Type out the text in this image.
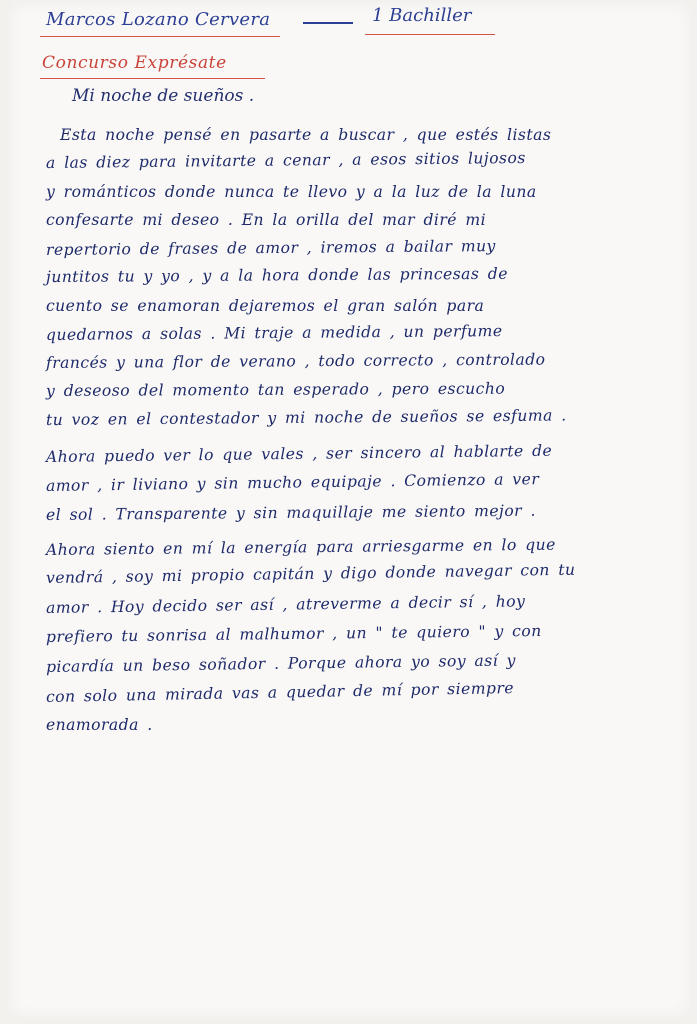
Marcos Lozano Cervera	1 Bachiller
Concurso Exprésate
Mi noche de sueños .
Esta noche pensé en pasarte a buscar , que estés listas
a las diez para invitarte a cenar , a esos sitios lujosos
y románticos donde nunca te llevo y a la luz de la luna
confesarte mi deseo . En la orilla del mar diré mi
repertorio de frases de amor , iremos a bailar muy
juntitos tu y yo , y a la hora donde las princesas de
cuento se enamoran dejaremos el gran salón para
quedarnos a solas . Mi traje a medida , un perfume
francés y una flor de verano , todo correcto , controlado
y deseoso del momento tan esperado , pero escucho
tu voz en el contestador y mi noche de sueños se esfuma .
Ahora puedo ver lo que vales , ser sincero al hablarte de
amor , ir liviano y sin mucho equipaje . Comienzo a ver
el sol . Transparente y sin maquillaje me siento mejor .
Ahora siento en mí la energía para arriesgarme en lo que
vendrá , soy mi propio capitán y digo donde navegar con tu
amor . Hoy decido ser así , atreverme a decir sí , hoy
prefiero tu sonrisa al malhumor , un " te quiero " y con
picardía un beso soñador . Porque ahora yo soy así y
con solo una mirada vas a quedar de mí por siempre
enamorada .
